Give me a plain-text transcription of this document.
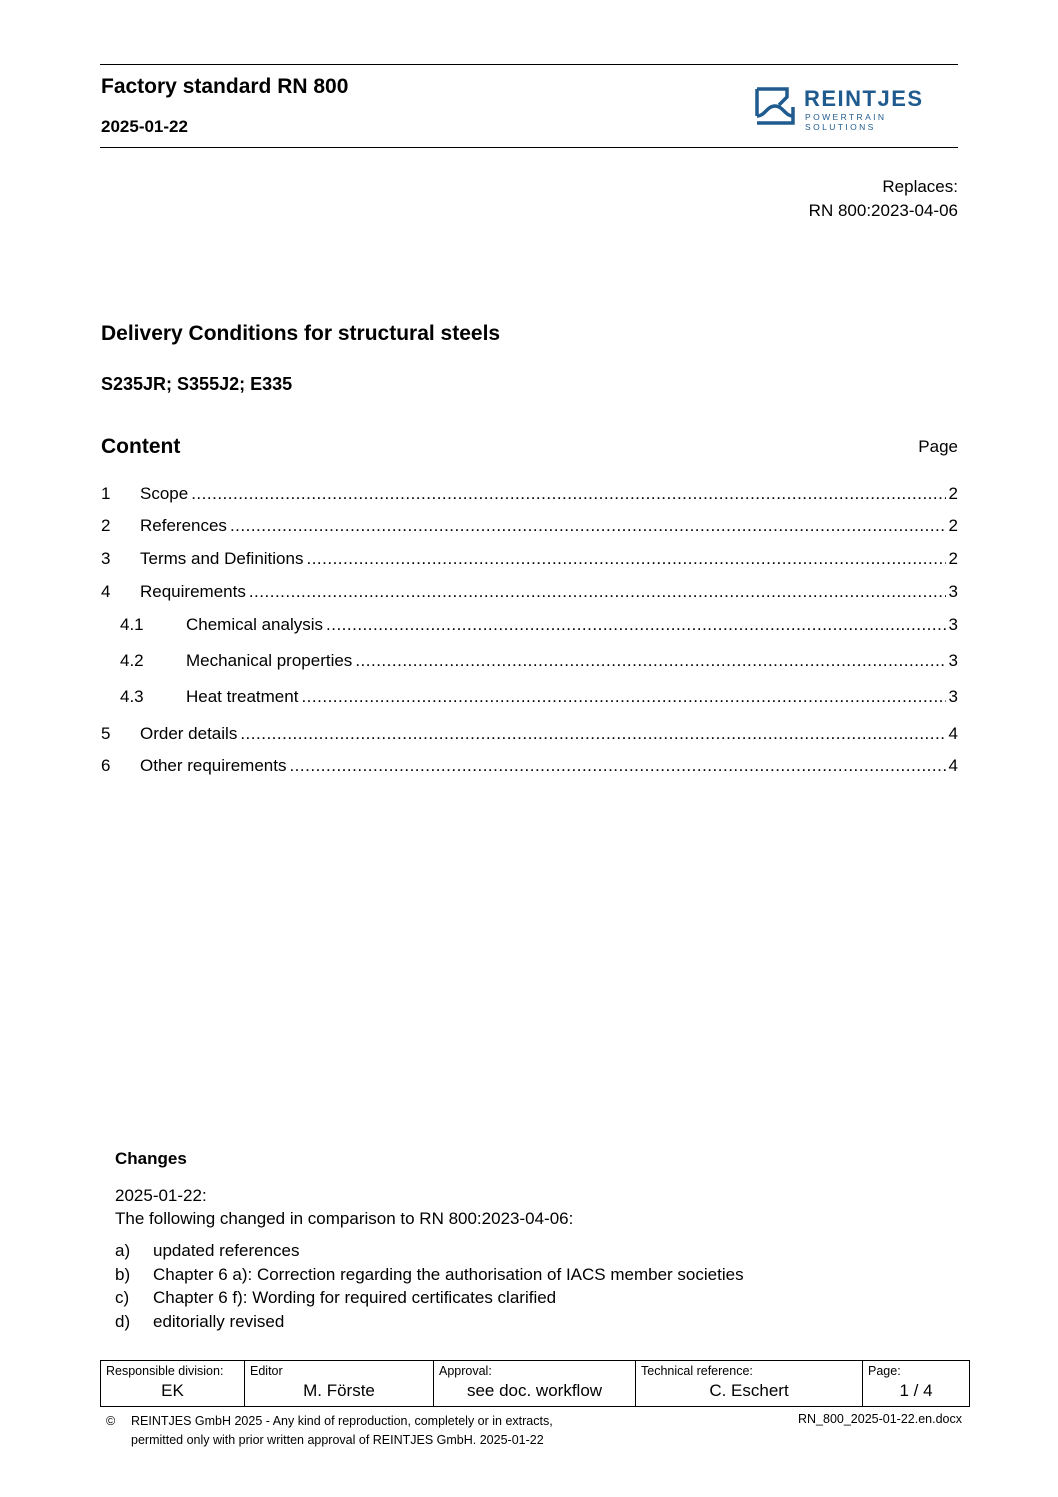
Factory standard RN 800
2025-01-22
REINTJES
POWERTRAIN SOLUTIONS
Replaces:
RN 800:2023-04-06
Delivery Conditions for structural steels
S235JR; S355J2; E335
Content	Page
1	Scope .....	2
2	References .....	2
3	Terms and Definitions .....	2
4	Requirements .....	3
4.1	Chemical analysis .....	3
4.2	Mechanical properties .....	3
4.3	Heat treatment .....	3
5	Order details .....	4
6	Other requirements .....	4
Changes
2025-01-22:
The following changed in comparison to RN 800:2023-04-06:
a)	updated references
b)	Chapter 6 a): Correction regarding the authorisation of IACS member societies
c)	Chapter 6 f): Wording for required certificates clarified
d)	editorially revised
Responsible division:
EK

Editor
M. Förste

Approval:
see doc. workflow

Technical reference:
C. Eschert

Page:
1 / 4
© REINTJES GmbH 2025 - Any kind of reproduction, completely or in extracts,
permitted only with prior written approval of REINTJES GmbH. 2025-01-22
RN_800_2025-01-22.en.docx
